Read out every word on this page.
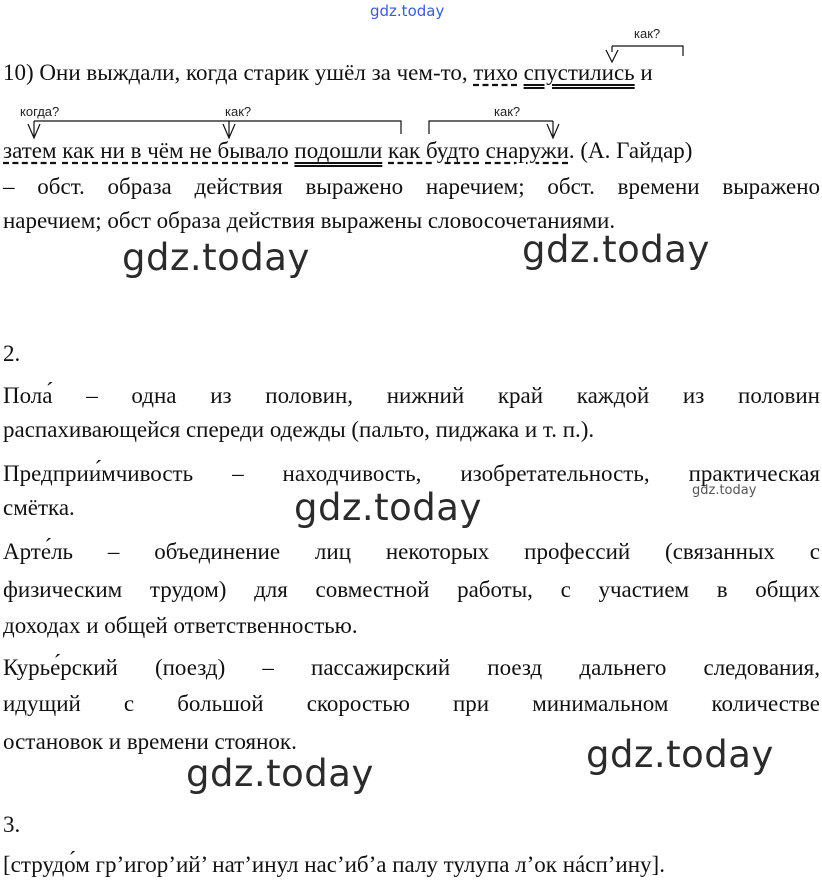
gdz.today
gdz.today	gdz.today
gdz.today	gdz.today
gdz.today
gdz.today
как?
когда?	как?	как?
10) Они выждали, когда старик ушёл за чем-то, тихо спустились и
затем как ни в чём не бывало подошли как будто снаружи. (А. Гайдар)
– обст. образа действия выражено наречием; обст. времени выражено
наречием; обст образа действия выражены словосочетаниями.
2.
Пола́ – одна из половин, нижний край каждой из половин
распахивающейся спереди одежды (пальто, пиджака и т. п.).
Предприи́мчивость – находчивость, изобретательность, практическая
смётка.
Арте́ль – объединение лиц некоторых профессий (связанных с
физическим трудом) для совместной работы, с участием в общих
доходах и общей ответственностью.
Курье́рский (поезд) – пассажирский поезд дальнего следования,
идущий с большой скоростью при минимальном количестве
остановок и времени стоянок.
3.
[струдо́м гр’игор’ий’ нат’инул нас’иб’а палу тулупа л’ок нáсп’ину].
